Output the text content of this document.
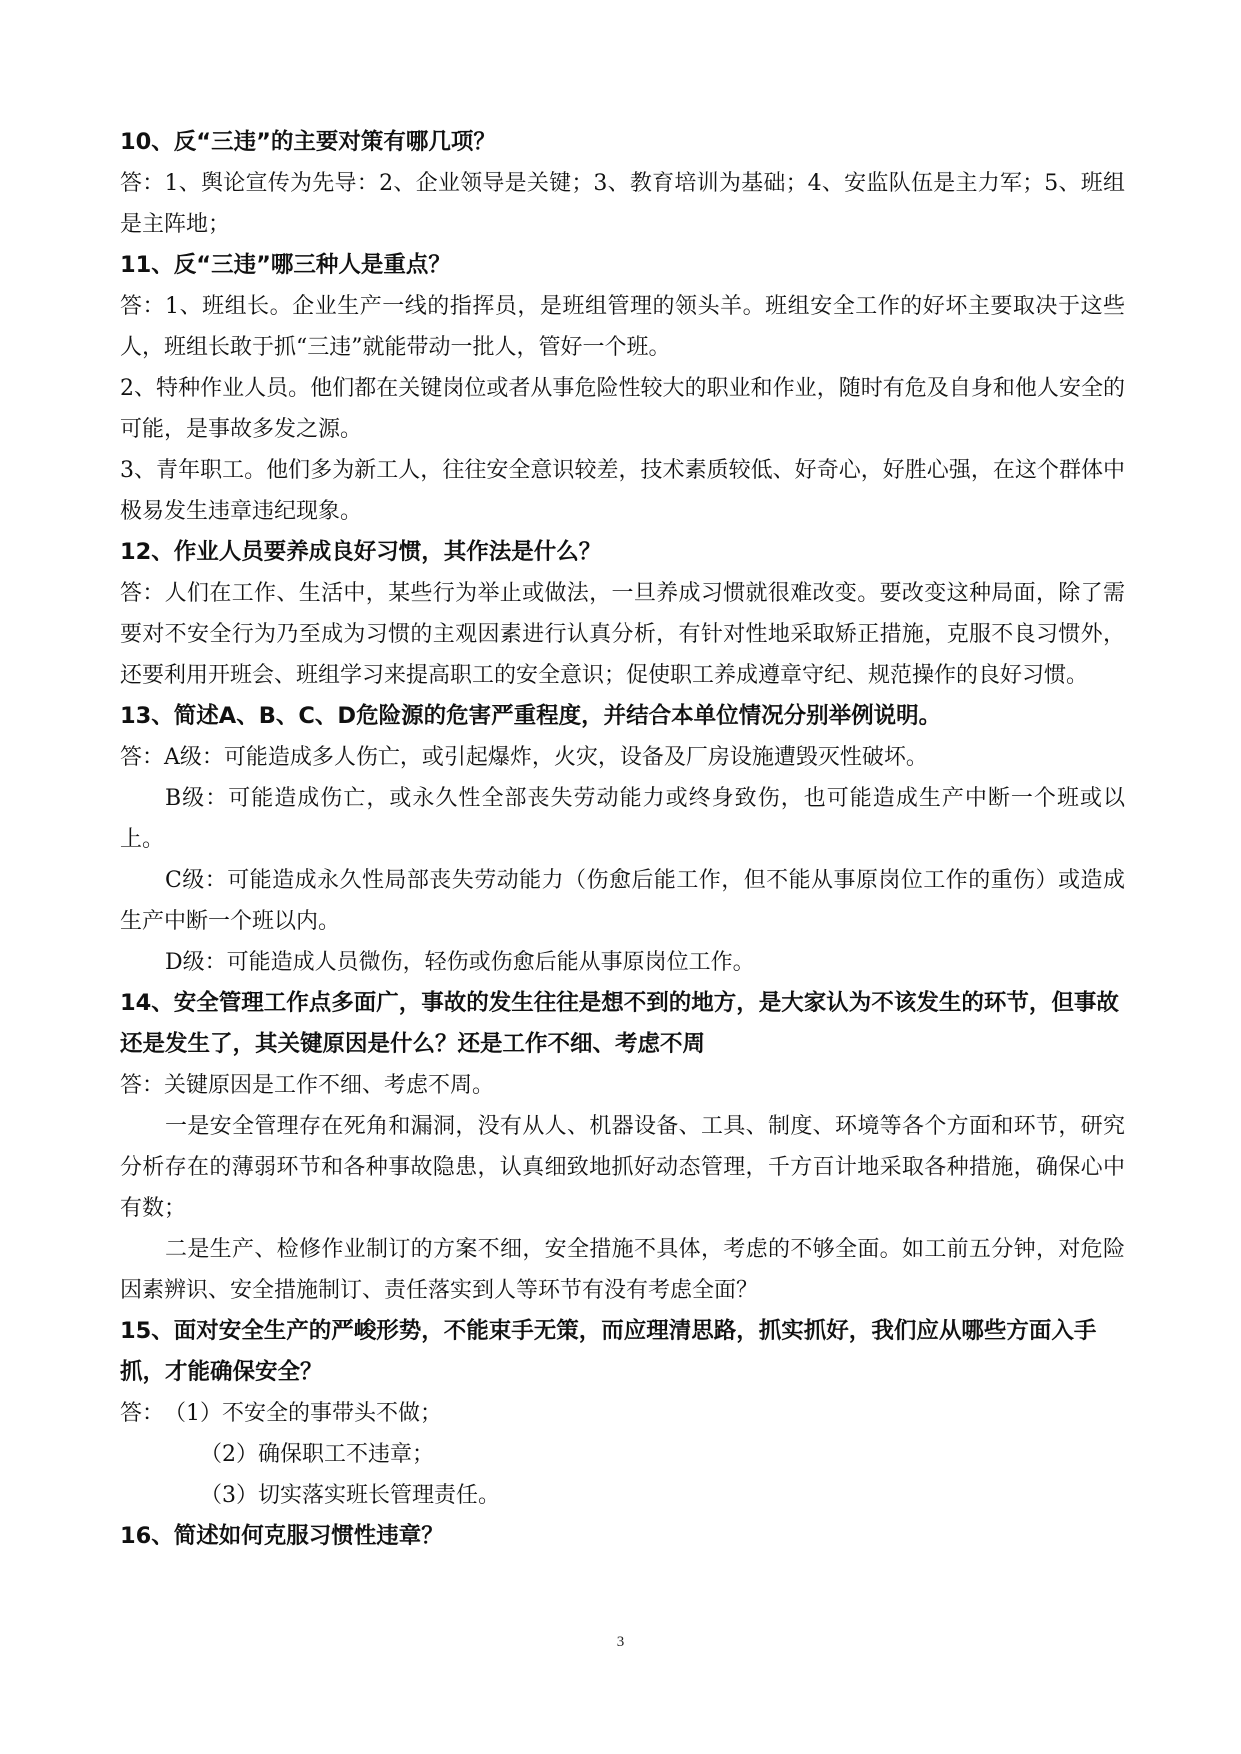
10、反“三违”的主要对策有哪几项？

答：1、舆论宣传为先导：2、企业领导是关键；3、教育培训为基础；4、安监队伍是主力军；5、班组是主阵地；

11、反“三违”哪三种人是重点？

答：1、班组长。企业生产一线的指挥员，是班组管理的领头羊。班组安全工作的好坏主要取决于这些人，班组长敢于抓“三违”就能带动一批人，管好一个班。

2、特种作业人员。他们都在关键岗位或者从事危险性较大的职业和作业，随时有危及自身和他人安全的可能，是事故多发之源。

3、青年职工。他们多为新工人，往往安全意识较差，技术素质较低、好奇心，好胜心强，在这个群体中极易发生违章违纪现象。

12、作业人员要养成良好习惯，其作法是什么？

答：人们在工作、生活中，某些行为举止或做法，一旦养成习惯就很难改变。要改变这种局面，除了需要对不安全行为乃至成为习惯的主观因素进行认真分析，有针对性地采取矫正措施，克服不良习惯外，还要利用开班会、班组学习来提高职工的安全意识；促使职工养成遵章守纪、规范操作的良好习惯。

13、简述A、B、C、D危险源的危害严重程度，并结合本单位情况分别举例说明。

答：A级：可能造成多人伤亡，或引起爆炸，火灾，设备及厂房设施遭毁灭性破坏。

B级：可能造成伤亡，或永久性全部丧失劳动能力或终身致伤，也可能造成生产中断一个班或以上。

C级：可能造成永久性局部丧失劳动能力（伤愈后能工作，但不能从事原岗位工作的重伤）或造成生产中断一个班以内。

D级：可能造成人员微伤，轻伤或伤愈后能从事原岗位工作。

14、安全管理工作点多面广，事故的发生往往是想不到的地方，是大家认为不该发生的环节，但事故还是发生了，其关键原因是什么？还是工作不细、考虑不周

答：关键原因是工作不细、考虑不周。

一是安全管理存在死角和漏洞，没有从人、机器设备、工具、制度、环境等各个方面和环节，研究分析存在的薄弱环节和各种事故隐患，认真细致地抓好动态管理，千方百计地采取各种措施，确保心中有数；

二是生产、检修作业制订的方案不细，安全措施不具体，考虑的不够全面。如工前五分钟，对危险因素辨识、安全措施制订、责任落实到人等环节有没有考虑全面？

15、面对安全生产的严峻形势，不能束手无策，而应理清思路，抓实抓好，我们应从哪些方面入手抓，才能确保安全？

答：　（1）不安全的事带头不做；

（2）确保职工不违章；

（3）切实落实班长管理责任。

16、简述如何克服习惯性违章？

3
